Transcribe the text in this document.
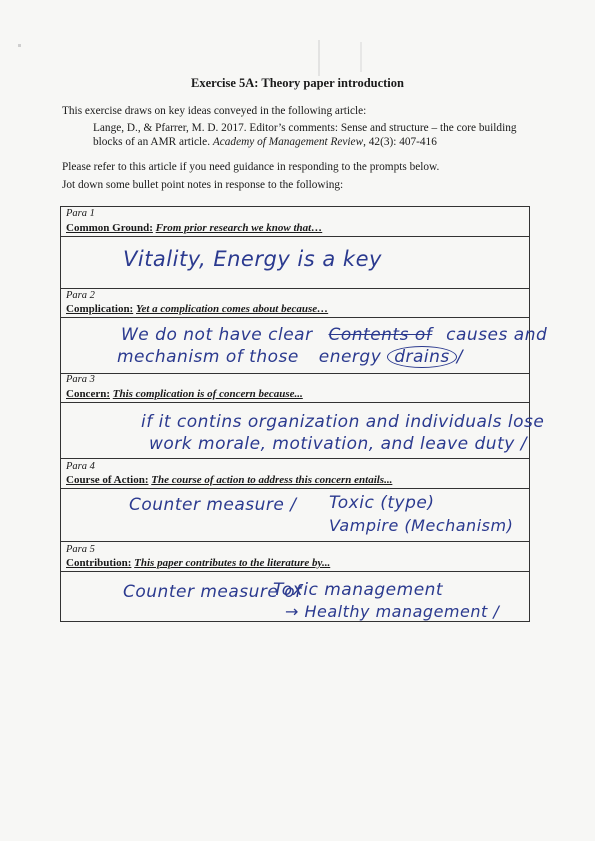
Exercise 5A: Theory paper introduction
This exercise draws on key ideas conveyed in the following article:
Lange, D., & Pfarrer, M. D. 2017. Editor’s comments: Sense and structure – the core building blocks of an AMR article. Academy of Management Review, 42(3): 407-416
Please refer to this article if you need guidance in responding to the prompts below.
Jot down some bullet point notes in response to the following:
Para 1
Common Ground: From prior research we know that…
Vitality, Energy is a key
Para 2
Complication: Yet a complication comes about because…
We do not have clear Contents of causes and
mechanism of those energy drains /
Para 3
Concern: This complication is of concern because...
if it contins organization and individuals lose
work morale, motivation, and leave duty /
Para 4
Course of Action: The course of action to address this concern entails...
Counter measure / Toxic (type)
Vampire (Mechanism)
Para 5
Contribution: This paper contributes to the literature by...
Counter measure of
Toxic management
→ Healthy management /
